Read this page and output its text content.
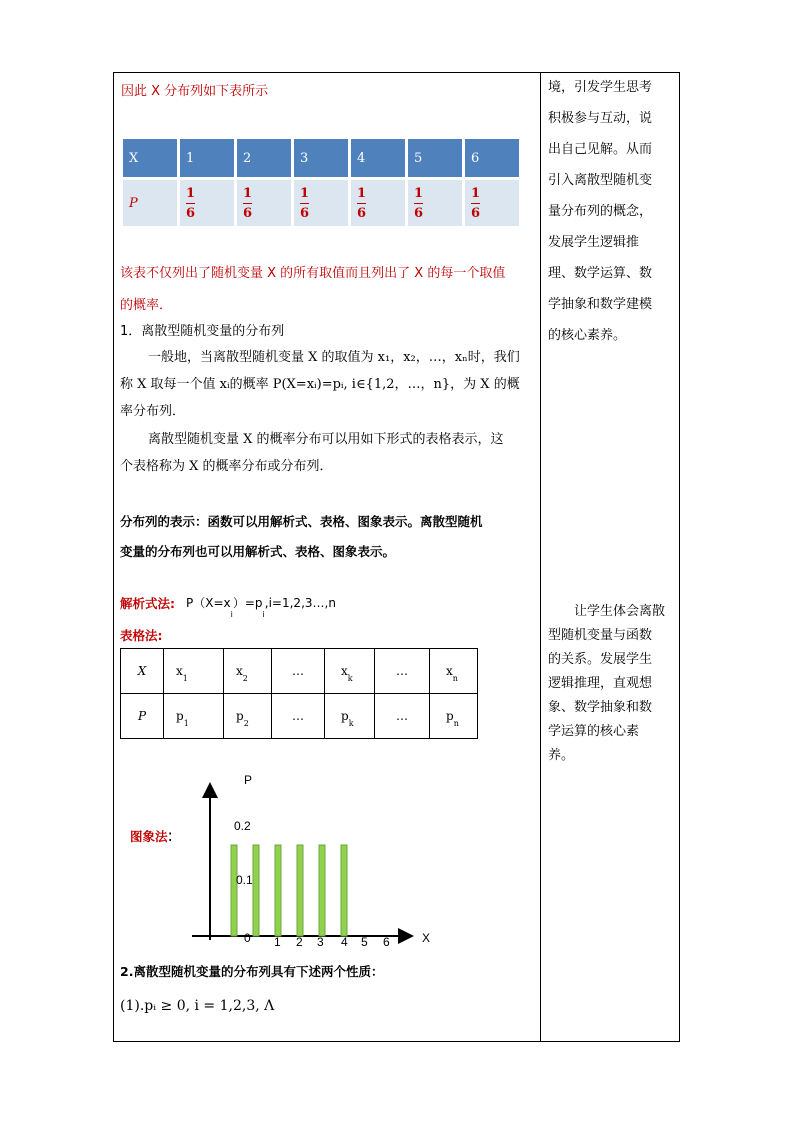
因此 X 分布列如下表所示
X	1	2	3	4	5	6
P	$\frac{1}{6}$	$\frac{1}{6}$	$\frac{1}{6}$	$\frac{1}{6}$	$\frac{1}{6}$	$\frac{1}{6}$
该表不仅列出了随机变量 X 的所有取值而且列出了 X 的每一个取值
的概率．
1．离散型随机变量的分布列
一般地，当离散型随机变量 X 的取值为 x₁，x₂，…，xₙ时，我们
称 X 取每一个值 xᵢ的概率 P(X=xᵢ)=pᵢ, i∈{1,2，…，n}，为 X 的概
率分布列．
离散型随机变量 X 的概率分布可以用如下形式的表格表示，这
个表格称为 X 的概率分布或分布列．
分布列的表示：函数可以用解析式、表格、图象表示。离散型随机
变量的分布列也可以用解析式、表格、图象表示。
解析式法: $P(X=x_i)=p_i,i=1,2,3\dots,n$
表格法:
X	$x_1$	$x_2$	…	$x_k$	…	$x_n$
P	$p_1$	$p_2$	…	$p_k$	…	$p_n$
图象法:
P
X
0.2
0.1
0 1 2 3 4 5 6
2.离散型随机变量的分布列具有下述两个性质：
(1).pᵢ ≥ 0, i = 1,2,3, Λ
境，引发学生思考
积极参与互动，说
出自己见解。从而
引入离散型随机变
量分布列的概念，
发展学生逻辑推
理、数学运算、数
学抽象和数学建模
的核心素养。
　　让学生体会离散
型随机变量与函数
的关系。发展学生
逻辑推理，直观想
象、数学抽象和数
学运算的核心素
养。
